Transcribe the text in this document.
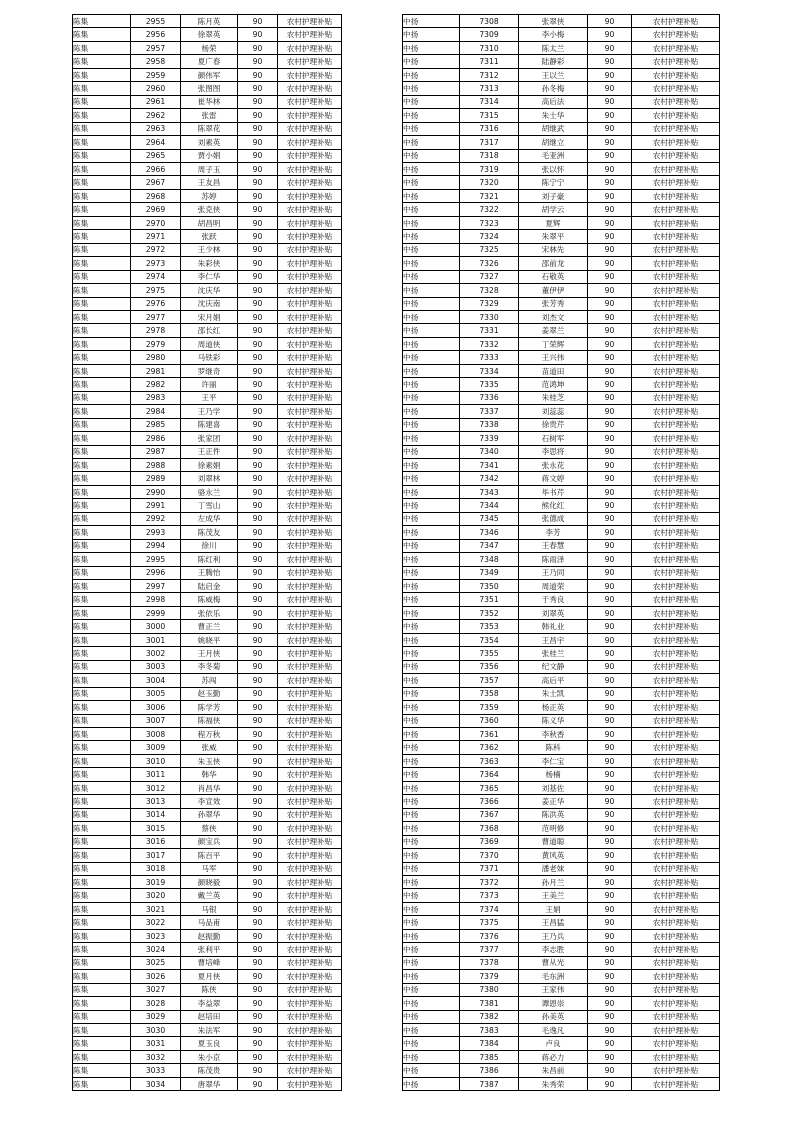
陈集	2955	陈月英	90	农村护理补贴
陈集	2956	徐翠英	90	农村护理补贴
陈集	2957	杨荣	90	农村护理补贴
陈集	2958	夏广春	90	农村护理补贴
陈集	2959	颜伟军	90	农村护理补贴
陈集	2960	张图图	90	农村护理补贴
陈集	2961	崔华林	90	农村护理补贴
陈集	2962	张雷	90	农村护理补贴
陈集	2963	陈翠花	90	农村护理补贴
陈集	2964	刘素英	90	农村护理补贴
陈集	2965	贾小娟	90	农村护理补贴
陈集	2966	周子玉	90	农村护理补贴
陈集	2967	王友昌	90	农村护理补贴
陈集	2968	苏婷	90	农村护理补贴
陈集	2969	张克侠	90	农村护理补贴
陈集	2970	胡昌明	90	农村护理补贴
陈集	2971	张跃	90	农村护理补贴
陈集	2972	王少林	90	农村护理补贴
陈集	2973	朱彩侠	90	农村护理补贴
陈集	2974	李仁华	90	农村护理补贴
陈集	2975	沈庆华	90	农村护理补贴
陈集	2976	沈庆南	90	农村护理补贴
陈集	2977	宋月娟	90	农村护理补贴
陈集	2978	邵长红	90	农村护理补贴
陈集	2979	周道侠	90	农村护理补贴
陈集	2980	马铁彩	90	农村护理补贴
陈集	2981	罗继奇	90	农村护理补贴
陈集	2982	许丽	90	农村护理补贴
陈集	2983	王平	90	农村护理补贴
陈集	2984	王乃学	90	农村护理补贴
陈集	2985	陈建喜	90	农村护理补贴
陈集	2986	张家团	90	农村护理补贴
陈集	2987	王正件	90	农村护理补贴
陈集	2988	徐素娟	90	农村护理补贴
陈集	2989	刘翠林	90	农村护理补贴
陈集	2990	骆永兰	90	农村护理补贴
陈集	2991	丁雪山	90	农村护理补贴
陈集	2992	左成华	90	农村护理补贴
陈集	2993	陈茂友	90	农村护理补贴
陈集	2994	徐川	90	农村护理补贴
陈集	2995	陈红利	90	农村护理补贴
陈集	2996	王腾怡	90	农村护理补贴
陈集	2997	陆启金	90	农村护理补贴
陈集	2998	陈威梅	90	农村护理补贴
陈集	2999	张依乐	90	农村护理补贴
陈集	3000	曹正兰	90	农村护理补贴
陈集	3001	姚晓平	90	农村护理补贴
陈集	3002	王月侠	90	农村护理补贴
陈集	3003	李冬菊	90	农村护理补贴
陈集	3004	苏闯	90	农村护理补贴
陈集	3005	赵玉勤	90	农村护理补贴
陈集	3006	陈学芳	90	农村护理补贴
陈集	3007	陈福侠	90	农村护理补贴
陈集	3008	程万秋	90	农村护理补贴
陈集	3009	张威	90	农村护理补贴
陈集	3010	朱玉侠	90	农村护理补贴
陈集	3011	韩华	90	农村护理补贴
陈集	3012	肖昌华	90	农村护理补贴
陈集	3013	李宣效	90	农村护理补贴
陈集	3014	孙翠华	90	农村护理补贴
陈集	3015	蔡侠	90	农村护理补贴
陈集	3016	颜宝兵	90	农村护理补贴
陈集	3017	陈百平	90	农村护理补贴
陈集	3018	马军	90	农村护理补贴
陈集	3019	颜晓毅	90	农村护理补贴
陈集	3020	戴兰英	90	农村护理补贴
陈集	3021	马银	90	农村护理补贴
陈集	3022	马品甫	90	农村护理补贴
陈集	3023	赵振勤	90	农村护理补贴
陈集	3024	张利平	90	农村护理补贴
陈集	3025	曹培峰	90	农村护理补贴
陈集	3026	夏月侠	90	农村护理补贴
陈集	3027	陈侠	90	农村护理补贴
陈集	3028	李益翠	90	农村护理补贴
陈集	3029	赵培田	90	农村护理补贴
陈集	3030	朱法军	90	农村护理补贴
陈集	3031	夏玉良	90	农村护理补贴
陈集	3032	朱小京	90	农村护理补贴
陈集	3033	陈茂贵	90	农村护理补贴
陈集	3034	唐翠华	90	农村护理补贴
中扬	7308	张翠侠	90	农村护理补贴
中扬	7309	李小梅	90	农村护理补贴
中扬	7310	陈太兰	90	农村护理补贴
中扬	7311	陆静彩	90	农村护理补贴
中扬	7312	王以兰	90	农村护理补贴
中扬	7313	孙冬梅	90	农村护理补贴
中扬	7314	高后法	90	农村护理补贴
中扬	7315	朱士华	90	农村护理补贴
中扬	7316	胡继武	90	农村护理补贴
中扬	7317	胡继立	90	农村护理补贴
中扬	7318	毛亚洲	90	农村护理补贴
中扬	7319	张以怀	90	农村护理补贴
中扬	7320	陈宁宁	90	农村护理补贴
中扬	7321	刘子豪	90	农村护理补贴
中扬	7322	胡学云	90	农村护理补贴
中扬	7323	夏辉	90	农村护理补贴
中扬	7324	朱翠平	90	农村护理补贴
中扬	7325	宋林先	90	农村护理补贴
中扬	7326	邵前龙	90	农村护理补贴
中扬	7327	石敬英	90	农村护理补贴
中扬	7328	董伊伊	90	农村护理补贴
中扬	7329	张芳秀	90	农村护理补贴
中扬	7330	刘杰文	90	农村护理补贴
中扬	7331	姜翠兰	90	农村护理补贴
中扬	7332	丁荣辉	90	农村护理补贴
中扬	7333	王兴伟	90	农村护理补贴
中扬	7334	苗道田	90	农村护理补贴
中扬	7335	范鸿坤	90	农村护理补贴
中扬	7336	朱桂芝	90	农村护理补贴
中扬	7337	刘蕊蕊	90	农村护理补贴
中扬	7338	徐贵芹	90	农村护理补贴
中扬	7339	石树军	90	农村护理补贴
中扬	7340	李思将	90	农村护理补贴
中扬	7341	张永花	90	农村护理补贴
中扬	7342	蒋文婷	90	农村护理补贴
中扬	7343	毕书芹	90	农村护理补贴
中扬	7344	熊化红	90	农村护理补贴
中扬	7345	张德成	90	农村护理补贴
中扬	7346	李芳	90	农村护理补贴
中扬	7347	王春慧	90	农村护理补贴
中扬	7348	陈雨泽	90	农村护理补贴
中扬	7349	王乃同	90	农村护理补贴
中扬	7350	周道荣	90	农村护理补贴
中扬	7351	于秀良	90	农村护理补贴
中扬	7352	刘翠英	90	农村护理补贴
中扬	7353	韩礼业	90	农村护理补贴
中扬	7354	王昌宇	90	农村护理补贴
中扬	7355	张桂兰	90	农村护理补贴
中扬	7356	纪文静	90	农村护理补贴
中扬	7357	高后平	90	农村护理补贴
中扬	7358	朱士凯	90	农村护理补贴
中扬	7359	杨正英	90	农村护理补贴
中扬	7360	陈义华	90	农村护理补贴
中扬	7361	李秋香	90	农村护理补贴
中扬	7362	陈科	90	农村护理补贴
中扬	7363	李仁宝	90	农村护理补贴
中扬	7364	杨楠	90	农村护理补贴
中扬	7365	刘基佐	90	农村护理补贴
中扬	7366	姜正华	90	农村护理补贴
中扬	7367	陈洪英	90	农村护理补贴
中扬	7368	范明修	90	农村护理补贴
中扬	7369	曹道聪	90	农村护理补贴
中扬	7370	黄风英	90	农村护理补贴
中扬	7371	潘老妹	90	农村护理补贴
中扬	7372	孙月兰	90	农村护理补贴
中扬	7373	王美兰	90	农村护理补贴
中扬	7374	王娟	90	农村护理补贴
中扬	7375	王昌猛	90	农村护理补贴
中扬	7376	王乃兵	90	农村护理补贴
中扬	7377	李志胜	90	农村护理补贴
中扬	7378	曹从光	90	农村护理补贴
中扬	7379	毛东洲	90	农村护理补贴
中扬	7380	王家伟	90	农村护理补贴
中扬	7381	谭恩崇	90	农村护理补贴
中扬	7382	孙美英	90	农村护理补贴
中扬	7383	毛逸凡	90	农村护理补贴
中扬	7384	卢良	90	农村护理补贴
中扬	7385	蒋必力	90	农村护理补贴
中扬	7386	朱昌前	90	农村护理补贴
中扬	7387	朱秀荣	90	农村护理补贴
